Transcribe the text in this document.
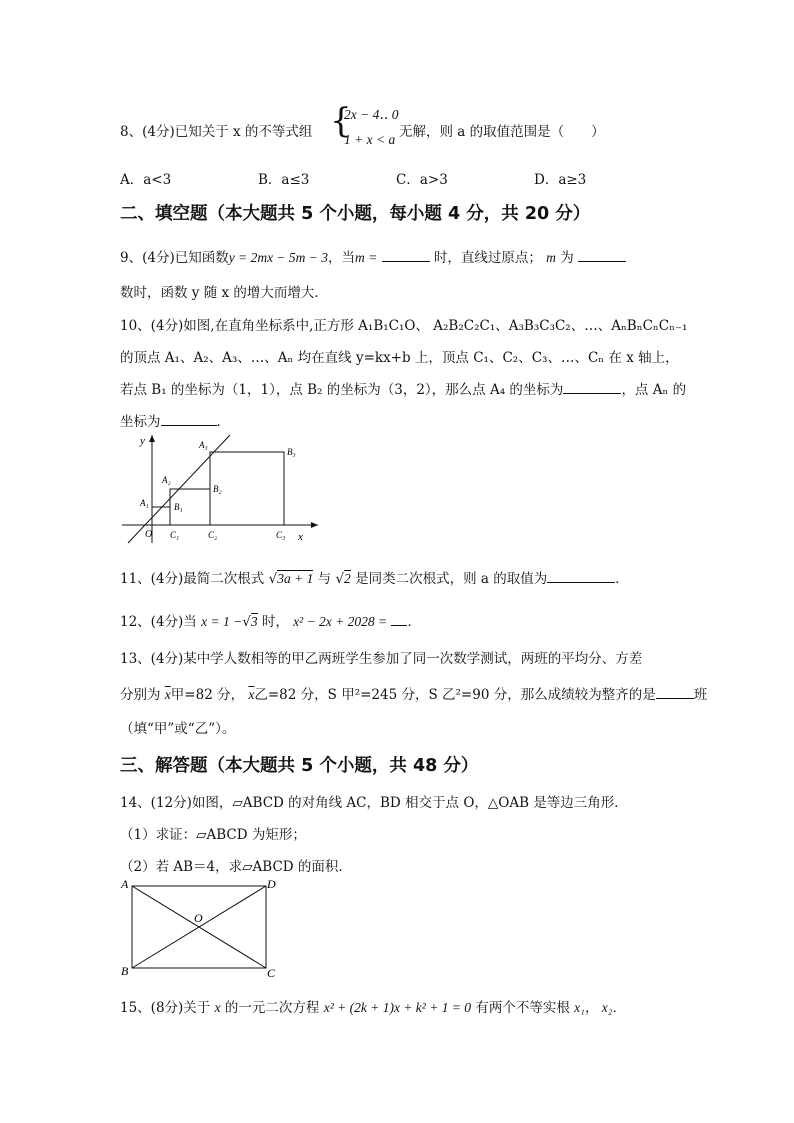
8、(4分)已知关于 x 的不等式组 {
2x − 4‥ 0
1 + x < a 无解，则 a 的取值范围是（　　）
A．a<3	B．a≤3	C．a>3	D．a≥3
二、填空题（本大题共 5 个小题，每小题 4 分，共 20 分）
9、(4分)已知函数y = 2mx − 5m − 3，当m =	时，直线过原点； m 为
数时，函数 y 随 x 的增大而增大．
10、(4分)如图,在直角坐标系中,正方形 A₁B₁C₁O、 A₂B₂C₂C₁、A₃B₃C₃C₂、…、AₙBₙCₙCₙ₋₁
的顶点 A₁、A₂、A₃、…、Aₙ 均在直线 y=kx+b 上，顶点 C₁、C₂、C₃、…、Cₙ 在 x 轴上，
若点 B₁ 的坐标为（1，1），点 B₂ 的坐标为（3，2），那么点 A₄ 的坐标为	，点 Aₙ 的
坐标为	．
y
x
O
A₁
A₂
A₃
B₁
B₂
B₃
C₁	C₂	C₃
11、(4分)最简二次根式 √3a + 1 与 √2 是同类二次根式，则 a 的取值为	．
12、(4分)当 x = 1 −√3 时， x² − 2x + 2028 = ．
13、(4分)某中学人数相等的甲乙两班学生参加了同一次数学测试，两班的平均分、方差
分别为 $\overline{x}$甲=82 分， $\overline{x}$乙=82 分，S 甲²=245 分，S 乙²=90 分，那么成绩较为整齐的是	班
（填“甲”或“乙”）。
三、解答题（本大题共 5 个小题，共 48 分）
14、(12分)如图，▱ABCD 的对角线 AC，BD 相交于点 O，△OAB 是等边三角形．
（1）求证：▱ABCD 为矩形；
（2）若 AB＝4，求▱ABCD 的面积．
A	D
O
B	C
15、(8分)关于 x 的一元二次方程 x² + (2k + 1)x + k² + 1 = 0 有两个不等实根 x₁， x₂．
